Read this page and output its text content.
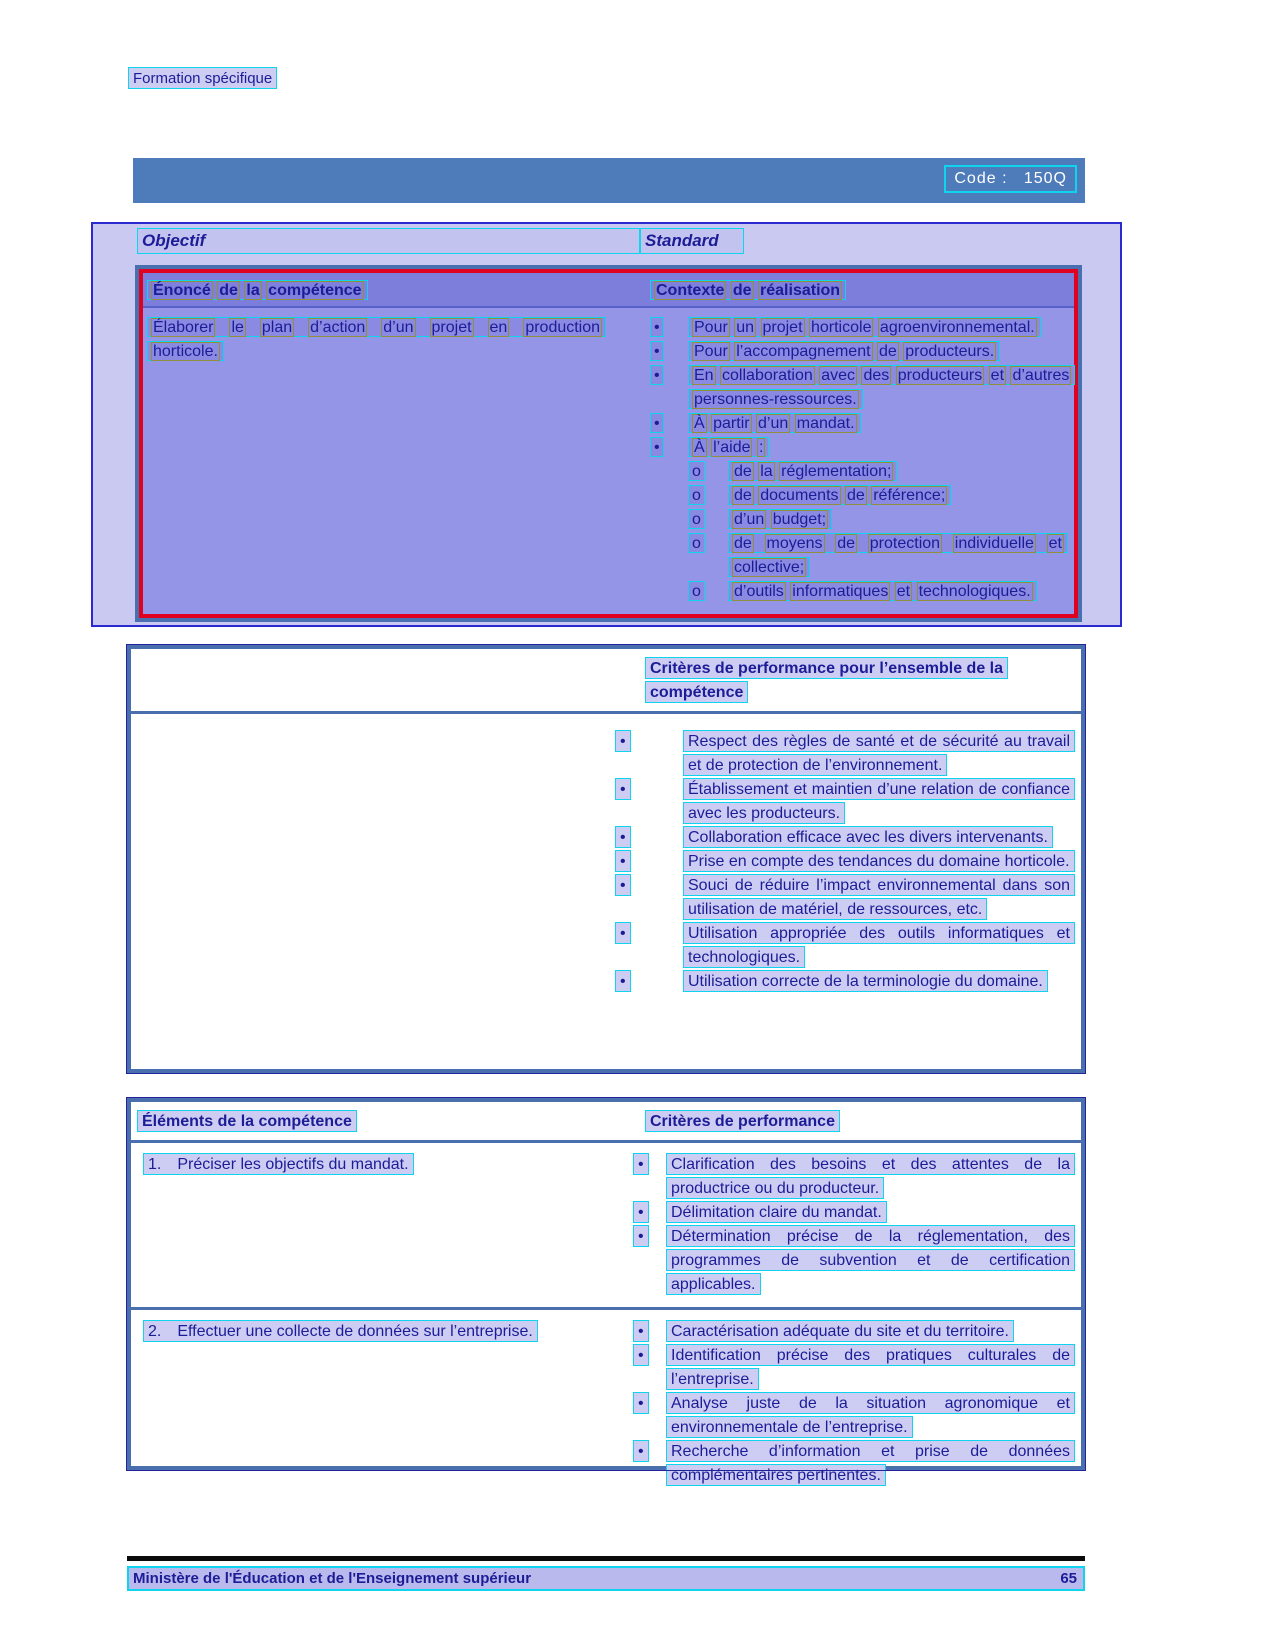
Formation spécifique
Code :   150Q
Objectif	Standard
Énoncé de la compétence	Contexte de réalisation
Élaborer le plan d’action d’un projet en production horticole.
•	Pour un projet horticole agroenvironnemental.
•	Pour l’accompagnement de producteurs.
•	En collaboration avec des producteurs et d’autres personnes-ressources.
•	À partir d’un mandat.
•	À l’aide :
o	de la réglementation;
o	de documents de référence;
o	d’un budget;
o	de moyens de protection individuelle et collective;
o	d’outils informatiques et technologiques.
Critères de performance pour l’ensemble de la compétence
•	Respect des règles de santé et de sécurité au travail et de protection de l’environnement.
•	Établissement et maintien d’une relation de confiance avec les producteurs.
•	Collaboration efficace avec les divers intervenants.
•	Prise en compte des tendances du domaine horticole.
•	Souci de réduire l’impact environnemental dans son utilisation de matériel, de ressources, etc.
•	Utilisation appropriée des outils informatiques et technologiques.
•	Utilisation correcte de la terminologie du domaine.
Éléments de la compétence	Critères de performance
1. Préciser les objectifs du mandat.	•	Clarification des besoins et des attentes de la productrice ou du producteur.
•	Délimitation claire du mandat.
•	Détermination précise de la réglementation, des programmes de subvention et de certification applicables.
2. Effectuer une collecte de données sur l’entreprise.	•	Caractérisation adéquate du site et du territoire.
•	Identification précise des pratiques culturales de l’entreprise.
•	Analyse juste de la situation agronomique et environnementale de l’entreprise.
•	Recherche d’information et prise de données complémentaires pertinentes.
Ministère de l'Éducation et de l'Enseignement supérieur	65
